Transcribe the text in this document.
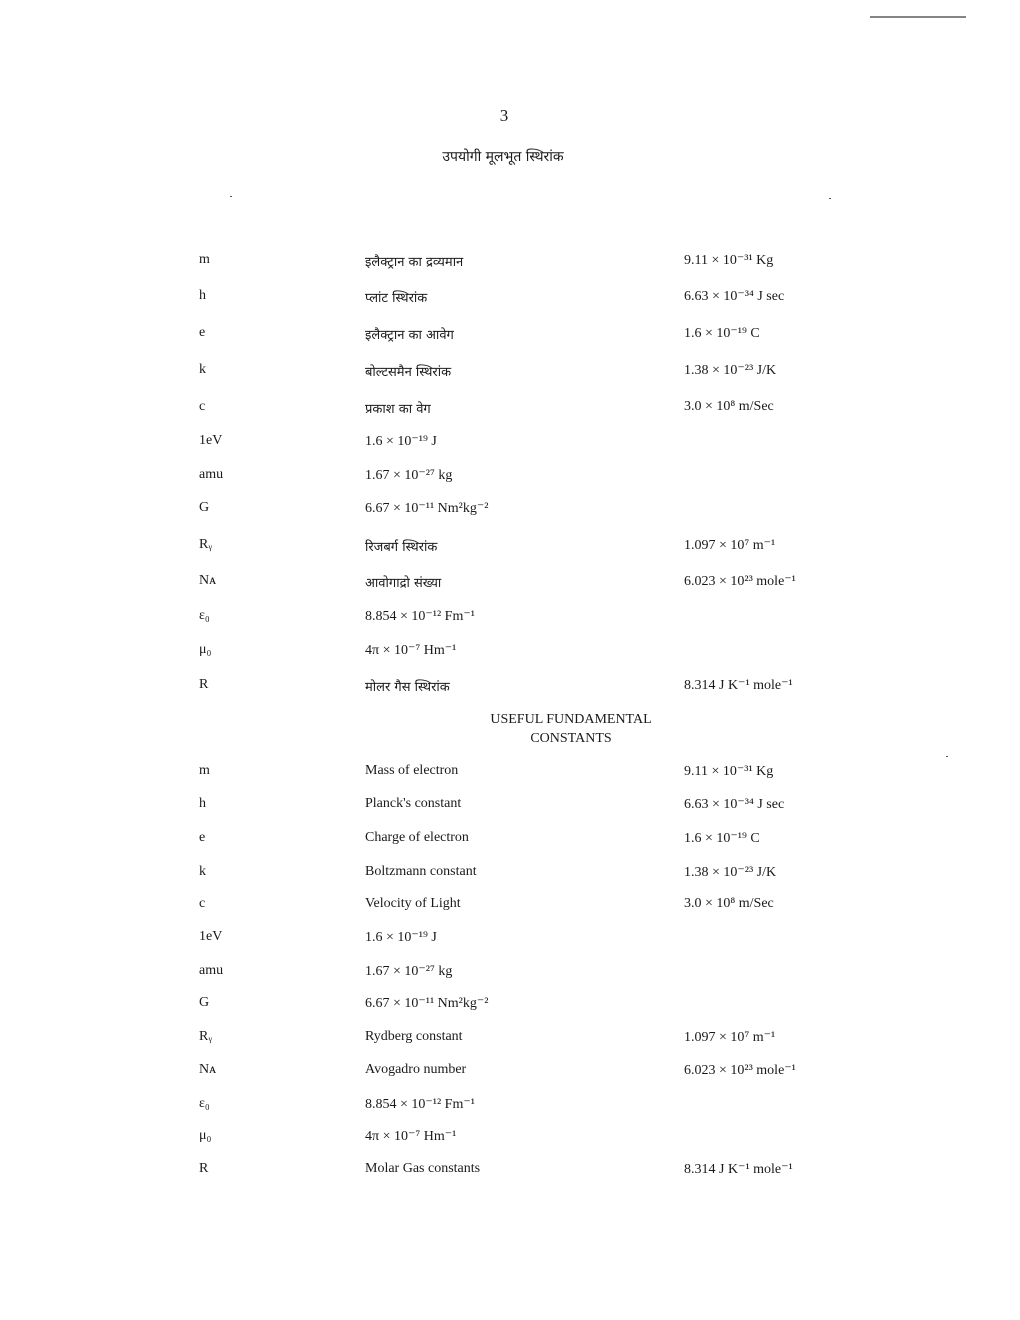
3
उपयोगी मूलभूत स्थिरांक
m	इलैक्ट्रान का द्रव्यमान	9.11 × 10⁻³¹ Kg
h	प्लांट स्थिरांक	6.63 × 10⁻³⁴ J sec
e	इलैक्ट्रान का आवेग	1.6 × 10⁻¹⁹ C
k	बोल्टसमैन स्थिरांक	1.38 × 10⁻²³ J/K
c	प्रकाश का वेग	3.0 × 10⁸ m/Sec
1eV	1.6 × 10⁻¹⁹ J
amu	1.67 × 10⁻²⁷ kg
G	6.67 × 10⁻¹¹ Nm²kg⁻²
Rᵧ	रिजबर्ग स्थिरांक	1.097 × 10⁷ m⁻¹
Nᴀ	आवोगाद्रो संख्या	6.023 × 10²³ mole⁻¹
ε₀	8.854 × 10⁻¹² Fm⁻¹
μ₀	4π × 10⁻⁷ Hm⁻¹
R	मोलर गैस स्थिरांक	8.314 J K⁻¹ mole⁻¹
USEFUL FUNDAMENTAL
CONSTANTS
m	Mass of electron	9.11 × 10⁻³¹ Kg
h	Planck's constant	6.63 × 10⁻³⁴ J sec
e	Charge of electron	1.6 × 10⁻¹⁹ C
k	Boltzmann constant	1.38 × 10⁻²³ J/K
c	Velocity of Light	3.0 × 10⁸ m/Sec
1eV	1.6 × 10⁻¹⁹ J
amu	1.67 × 10⁻²⁷ kg
G	6.67 × 10⁻¹¹ Nm²kg⁻²
Rᵧ	Rydberg constant	1.097 × 10⁷ m⁻¹
Nᴀ	Avogadro number	6.023 × 10²³ mole⁻¹
ε₀	8.854 × 10⁻¹² Fm⁻¹
μ₀	4π × 10⁻⁷ Hm⁻¹
R	Molar Gas constants	8.314 J K⁻¹ mole⁻¹
